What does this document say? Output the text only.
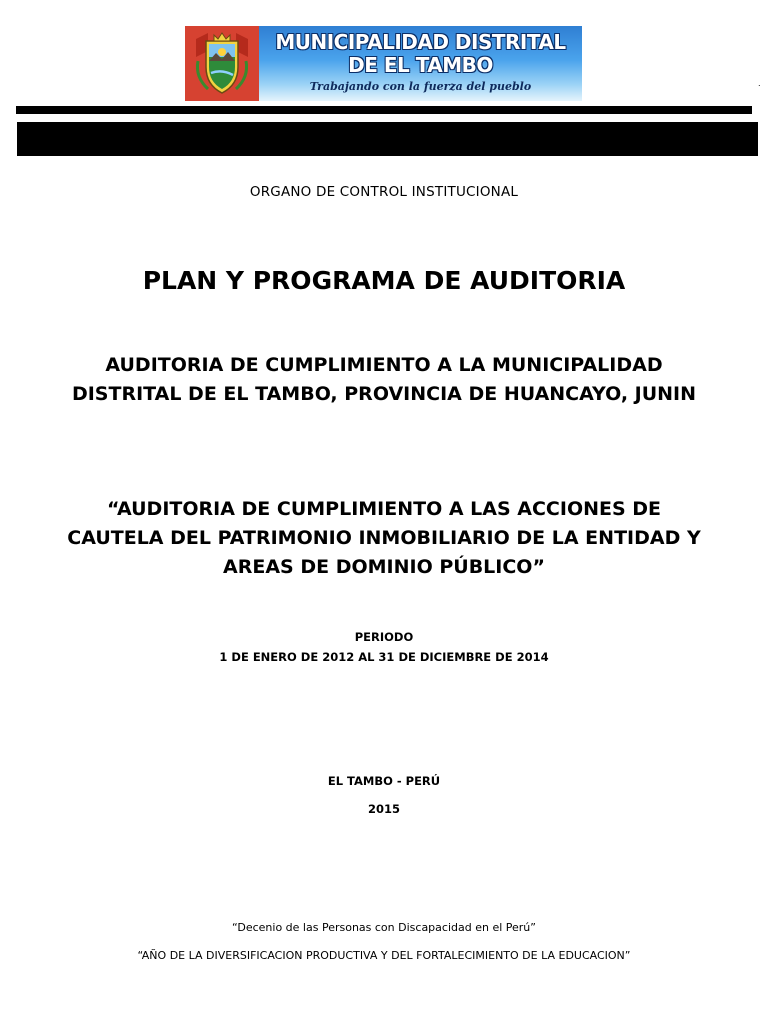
MUNICIPALIDAD DISTRITAL
DE EL TAMBO
Trabajando con la fuerza del pueblo	.
ORGANO DE CONTROL INSTITUCIONAL
PLAN Y PROGRAMA DE AUDITORIA
AUDITORIA DE CUMPLIMIENTO A LA MUNICIPALIDAD
DISTRITAL DE EL TAMBO, PROVINCIA DE HUANCAYO, JUNIN
“AUDITORIA DE CUMPLIMIENTO A LAS ACCIONES DE
CAUTELA DEL PATRIMONIO INMOBILIARIO DE LA ENTIDAD Y
AREAS DE DOMINIO PÚBLICO”
PERIODO
1 DE ENERO DE 2012 AL 31 DE DICIEMBRE DE 2014
EL TAMBO - PERÚ
2015
“Decenio de las Personas con Discapacidad en el Perú”
“AÑO DE LA DIVERSIFICACION PRODUCTIVA Y DEL FORTALECIMIENTO DE LA EDUCACION”
